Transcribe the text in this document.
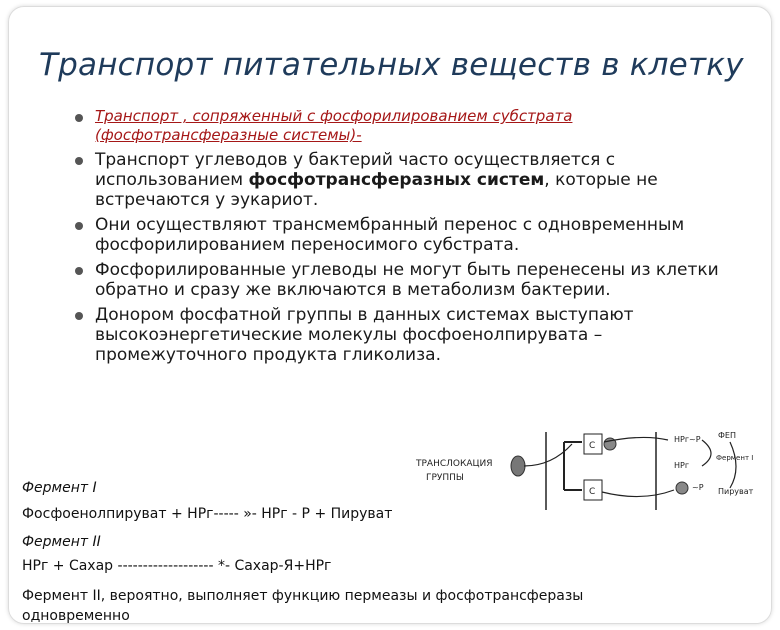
Транспорт питательных веществ в клетку
Транспорт , сопряженный с фосфорилированием субстрата (фосфотрансферазные системы)-
Транспорт углеводов у бактерий часто осуществляется с использованием фосфотрансферазных систем, которые не встречаются у эукариот.
Они осуществляют трансмембранный перенос с одновременным фосфорилированием переносимого субстрата.
Фосфорилированные углеводы не могут быть перенесены из клетки обратно и сразу же включаются в метаболизм бактерии.
Донором фосфатной группы в данных системах выступают высокоэнергетические молекулы фосфоенолпирувата – промежуточного продукта гликолиза.
Фермент I
Фосфоенолпируват + НРг----- »- НРг - Р + Пируват
Фермент II
НРг + Сахар ------------------- *- Сахар-Я+НРг
Фермент II, вероятно, выполняет функцию пермеазы и фосфотрансферазы одновременно
ТРАНСЛОКАЦИЯ
ГРУППЫ
С
С
НРг~Р
НРг
~Р
ФЕП
Фермент I
Пируват
